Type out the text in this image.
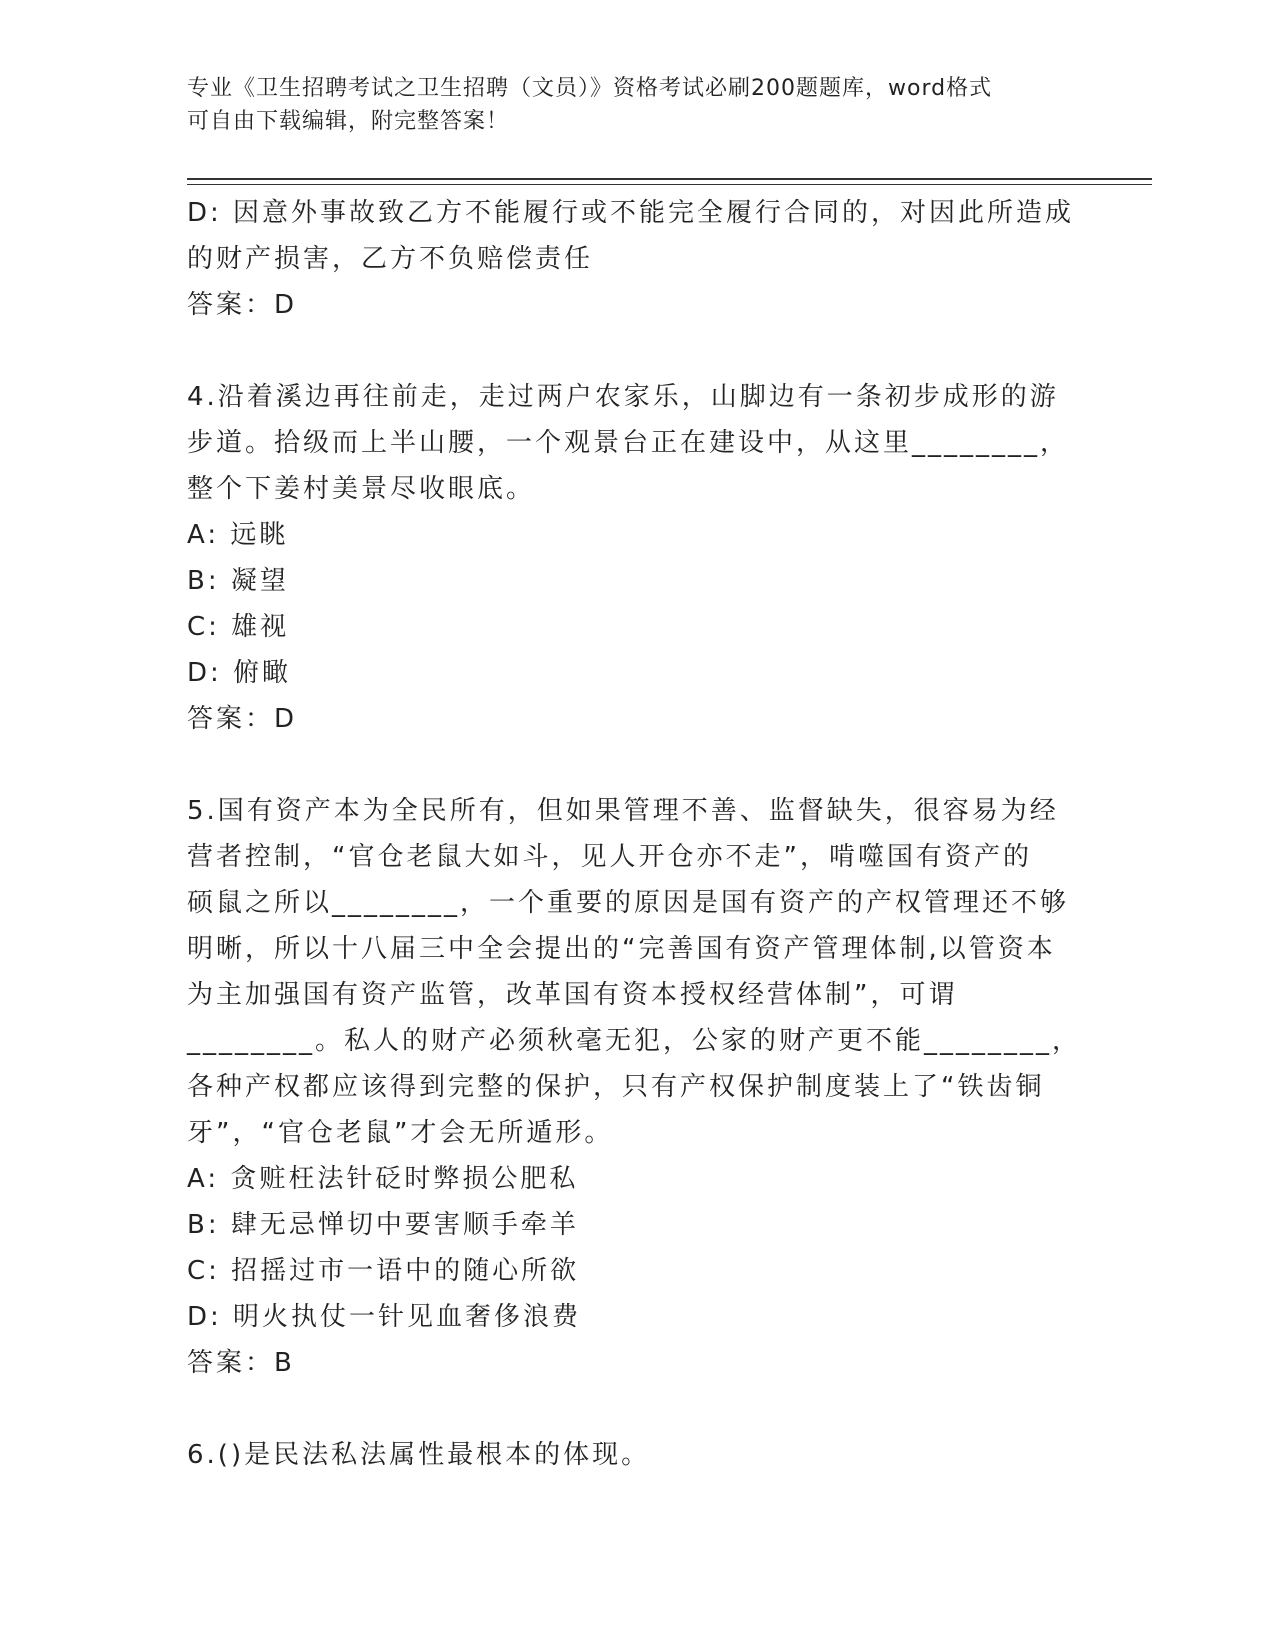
专业《卫生招聘考试之卫生招聘（文员）》资格考试必刷200题题库，word格式
可自由下载编辑，附完整答案！
D: 因意外事故致乙方不能履行或不能完全履行合同的，对因此所造成
的财产损害，乙方不负赔偿责任
答案：D
4.沿着溪边再往前走，走过两户农家乐，山脚边有一条初步成形的游
步道。拾级而上半山腰，一个观景台正在建设中，从这里________，
整个下姜村美景尽收眼底。
A: 远眺
B: 凝望
C: 雄视
D: 俯瞰
答案：D
5.国有资产本为全民所有，但如果管理不善、监督缺失，很容易为经
营者控制，“官仓老鼠大如斗，见人开仓亦不走”，啃噬国有资产的
硕鼠之所以________，一个重要的原因是国有资产的产权管理还不够
明晰，所以十八届三中全会提出的“完善国有资产管理体制,以管资本
为主加强国有资产监管，改革国有资本授权经营体制”，可谓
________。私人的财产必须秋毫无犯，公家的财产更不能________，
各种产权都应该得到完整的保护，只有产权保护制度装上了“铁齿铜
牙”，“官仓老鼠”才会无所遁形。
A: 贪赃枉法针砭时弊损公肥私
B: 肆无忌惮切中要害顺手牵羊
C: 招摇过市一语中的随心所欲
D: 明火执仗一针见血奢侈浪费
答案：B
6.()是民法私法属性最根本的体现。
